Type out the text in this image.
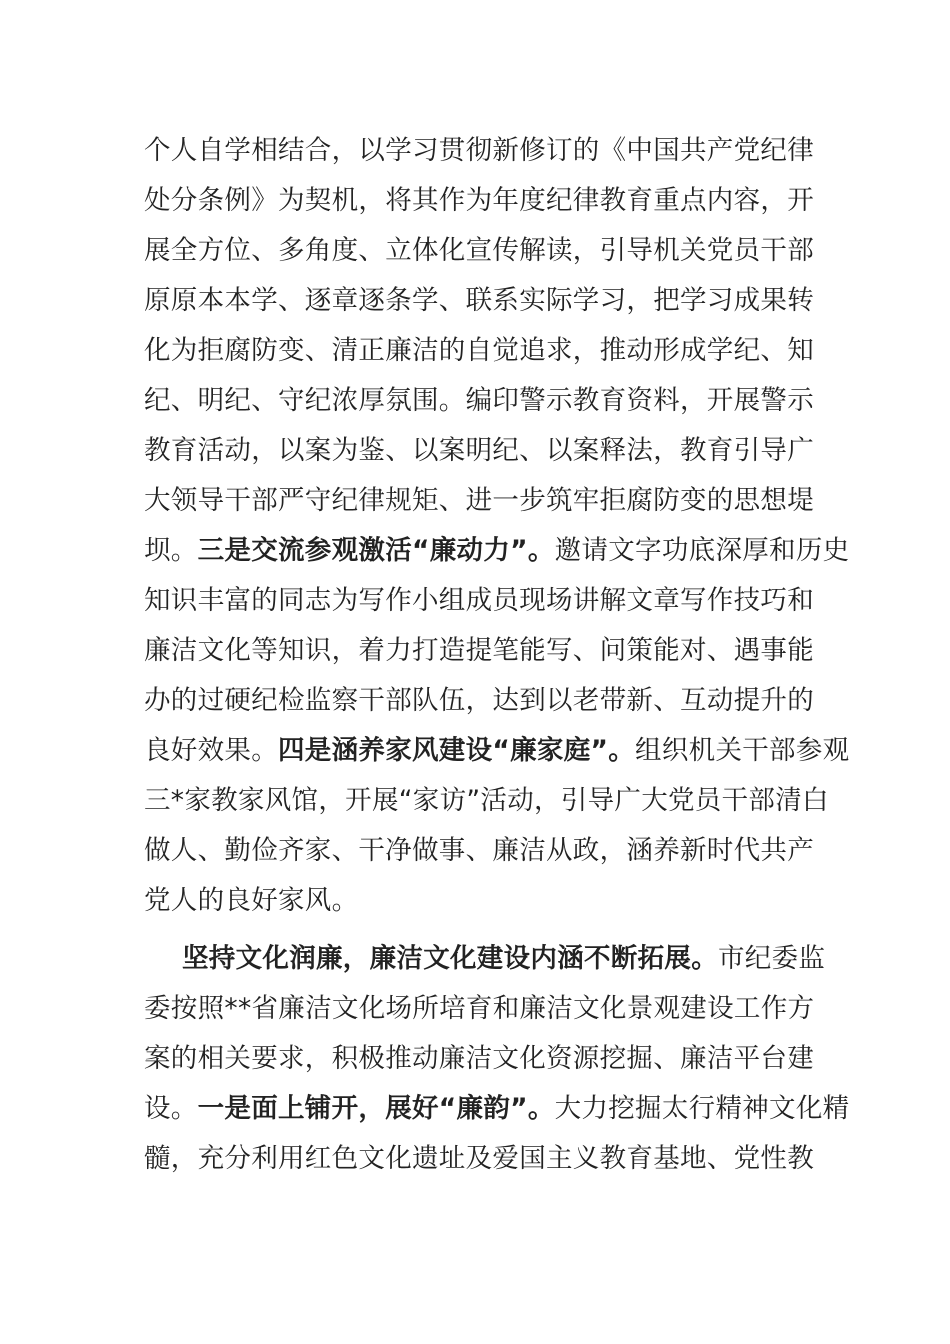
个人自学相结合，以学习贯彻新修订的《中国共产党纪律
处分条例》为契机，将其作为年度纪律教育重点内容，开
展全方位、多角度、立体化宣传解读，引导机关党员干部
原原本本学、逐章逐条学、联系实际学习，把学习成果转
化为拒腐防变、清正廉洁的自觉追求，推动形成学纪、知
纪、明纪、守纪浓厚氛围。编印警示教育资料，开展警示
教育活动，以案为鉴、以案明纪、以案释法，教育引导广
大领导干部严守纪律规矩、进一步筑牢拒腐防变的思想堤
坝。三是交流参观激活“廉动力”。邀请文字功底深厚和历史
知识丰富的同志为写作小组成员现场讲解文章写作技巧和
廉洁文化等知识，着力打造提笔能写、问策能对、遇事能
办的过硬纪检监察干部队伍，达到以老带新、互动提升的
良好效果。四是涵养家风建设“廉家庭”。组织机关干部参观
三*家教家风馆，开展“家访”活动，引导广大党员干部清白
做人、勤俭齐家、干净做事、廉洁从政，涵养新时代共产
党人的良好家风。
坚持文化润廉，廉洁文化建设内涵不断拓展。市纪委监
委按照**省廉洁文化场所培育和廉洁文化景观建设工作方
案的相关要求，积极推动廉洁文化资源挖掘、廉洁平台建
设。一是面上铺开，展好“廉韵”。大力挖掘太行精神文化精
髓，充分利用红色文化遗址及爱国主义教育基地、党性教
